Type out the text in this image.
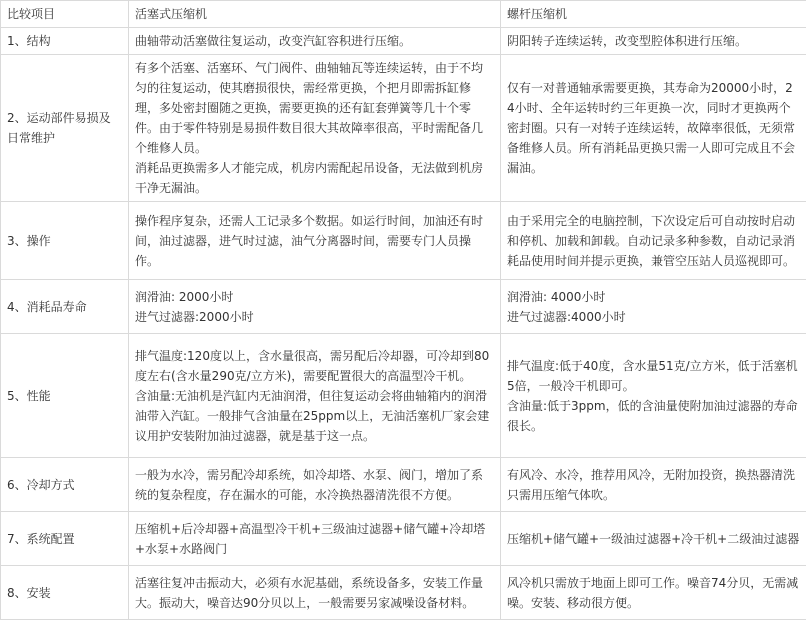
比较项目	活塞式压缩机	螺杆压缩机
1、结构	曲轴带动活塞做往复运动，改变汽缸容积进行压缩。	阴阳转子连续运转，改变型腔体积进行压缩。

2、运动部件易损及日常维护	有多个活塞、活塞环、气门阀件、曲轴轴瓦等连续运转，由于不均匀的往复运动，使其磨损很快，需经常更换，个把月即需拆缸修理，多处密封圈随之更换，需要更换的还有缸套弹簧等几十个零件。由于零件特别是易损件数目很大其故障率很高，平时需配备几个维修人员。
消耗品更换需多人才能完成，机房内需配起吊设备，无法做到机房干净无漏油。	仅有一对普通轴承需要更换，其寿命为20000小时，24小时、全年运转时约三年更换一次，同时才更换两个密封圈。只有一对转子连续运转，故障率很低，无须常备维修人员。所有消耗品更换只需一人即可完成且不会漏油。

3、操作	操作程序复杂，还需人工记录多个数据。如运行时间，加油还有时间，油过滤器，进气时过滤，油气分离器时间，需要专门人员操作。	由于采用完全的电脑控制，下次设定后可自动按时启动和停机、加载和卸载。自动记录多种参数，自动记录消耗品使用时间并提示更换，兼管空压站人员巡视即可。

4、消耗品寿命	润滑油: 2000小时
进气过滤器:2000小时	润滑油: 4000小时
进气过滤器:4000小时

5、性能	排气温度:120度以上，含水量很高，需另配后冷却器，可冷却到80度左右(含水量290克/立方米)，需要配置很大的高温型冷干机。
含油量:无油机是汽缸内无油润滑，但往复运动会将曲轴箱内的润滑油带入汽缸。一般排气含油量在25ppm以上，无油活塞机厂家会建议用护安装附加油过滤器，就是基于这一点。	排气温度:低于40度，含水量51克/立方米，低于活塞机5倍，一般冷干机即可。
含油量:低于3ppm，低的含油量使附加油过滤器的寿命很长。

6、冷却方式	一般为水冷，需另配冷却系统，如冷却塔、水泵、阀门，增加了系统的复杂程度，存在漏水的可能，水冷换热器清洗很不方便。	有风冷、水冷，推荐用风冷，无附加投资，换热器清洗只需用压缩气体吹。

7、系统配置	压缩机+后冷却器+高温型冷干机+三级油过滤器+储气罐+冷却塔+水泵+水路阀门	压缩机+储气罐+一级油过滤器+冷干机+二级油过滤器

8、安装	活塞往复冲击振动大，必须有水泥基础，系统设备多，安装工作量大。振动大，噪音达90分贝以上，一般需要另家减噪设备材料。	风冷机只需放于地面上即可工作。噪音74分贝，无需减噪。安装、移动很方便。
